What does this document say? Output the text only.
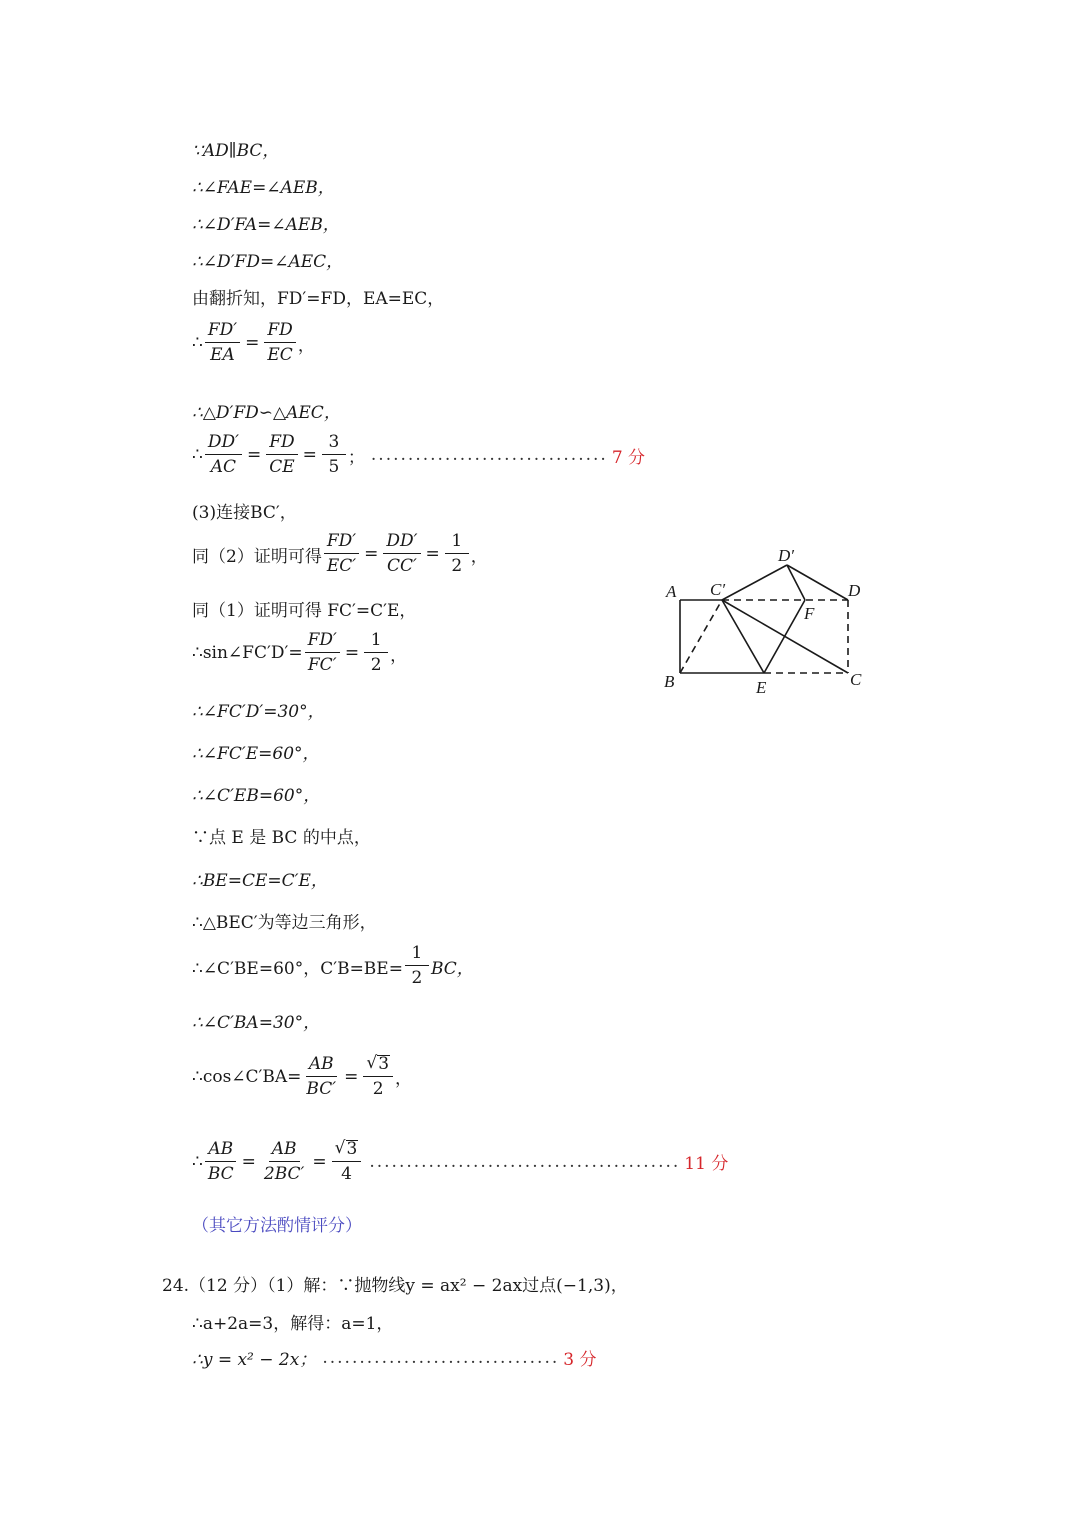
∵AD∥BC，
∴∠FAE=∠AEB，
∴∠D′FA=∠AEB，
∴∠D′FD=∠AEC，
由翻折知，FD′=FD，EA=EC，
∴ $\frac{FD'}{EA} = \frac{FD}{EC}$ ，
∴△D′FD∽△AEC，
∴ $\frac{DD'}{AC} = \frac{FD}{CE} = \frac{3}{5}$ ； ................................ 7 分
(3)连接BC′，
同（2）证明可得 $\frac{FD'}{EC'} = \frac{DD'}{CC'} = \frac{1}{2}$ ，
同（1）证明可得 FC′=C′E，
∴sin∠FC′D′= $\frac{FD'}{FC'} = \frac{1}{2}$ ，
∴∠FC′D′=30°，
∴∠FC′E=60°，
∴∠C′EB=60°，
∵点 E 是 BC 的中点，
∴BE=CE=C′E，
∴△BEC′为等边三角形，
∴∠C′BE=60°，$C'B=BE= \frac{1}{2}$ BC，
∴∠C′BA=30°，
∴cos∠C′BA= $\frac{AB}{BC'} = \frac{√ 3}{2}$ ，
∴ $\frac{AB}{BC} = \frac{AB}{2BC'} = \frac{√ 3}{4}$ .......................................... 11 分
（其它方法酌情评分）
24.（12 分）（1）解：∵抛物线y = ax² − 2ax过点(−1,3)，
∴a+2a=3，解得：a=1，
∴y = x² − 2x； ................................ 3 分
A C′
D′
D
F
B	E	C
